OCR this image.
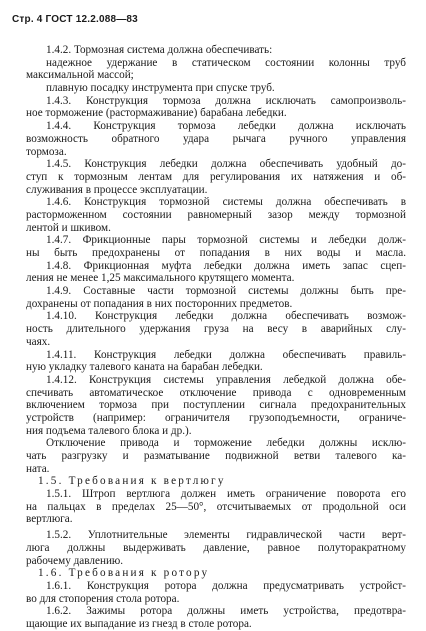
Стр. 4 ГОСТ 12.2.088—83
1.4.2. Тормозная система должна обеспечивать:
надежное удержание в статическом состоянии колонны труб
максимальной массой;
плавную посадку инструмента при спуске труб.
1.4.3. Конструкция тормоза должна исключать самопроизволь-
ное торможение (растормаживание) барабана лебедки.
1.4.4. Конструкция тормоза лебедки должна исключать
возможность обратного удара рычага ручного управления
тормоза.
1.4.5. Конструкция лебедки должна обеспечивать удобный до-
ступ к тормозным лентам для регулирования их натяжения и об-
служивания в процессе эксплуатации.
1.4.6. Конструкция тормозной системы должна обеспечивать в
расторможенном состоянии равномерный зазор между тормозной
лентой и шкивом.
1.4.7. Фрикционные пары тормозной системы и лебедки долж-
ны быть предохранены от попадания в них воды и масла.
1.4.8. Фрикционная муфта лебедки должна иметь запас сцеп-
ления не менее 1,25 максимального крутящего момента.
1.4.9. Составные части тормозной системы должны быть пре-
дохранены от попадания в них посторонних предметов.
1.4.10. Конструкция лебедки должна обеспечивать возмож-
ность длительного удержания груза на весу в аварийных слу-
чаях.
1.4.11. Конструкция лебедки должна обеспечивать правиль-
ную укладку талевого каната на барабан лебедки.
1.4.12. Конструкция системы управления лебедкой должна обе-
спечивать автоматическое отключение привода с одновременным
включением тормоза при поступлении сигнала предохранительных
устройств (например: ограничителя грузоподъемности, ограниче-
ния подъема талевого блока и др.).
Отключение привода и торможение лебедки должны исклю-
чать разгрузку и разматывание подвижной ветви талевого ка-
ната.
1.5. Требования к вертлюгу
1.5.1. Штроп вертлюга должен иметь ограничение поворота его
на пальцах в пределах 25—50°, отсчитываемых от продольной оси
вертлюга.
1.5.2. Уплотнительные элементы гидравлической части верт-
люга должны выдерживать давление, равное полуторакратному
рабочему давлению.
1.6. Требования к ротору
1.6.1. Конструкция ротора должна предусматривать устройст-
во для стопорения стола ротора.
1.6.2. Зажимы ротора должны иметь устройства, предотвра-
щающие их выпадание из гнезд в столе ротора.
